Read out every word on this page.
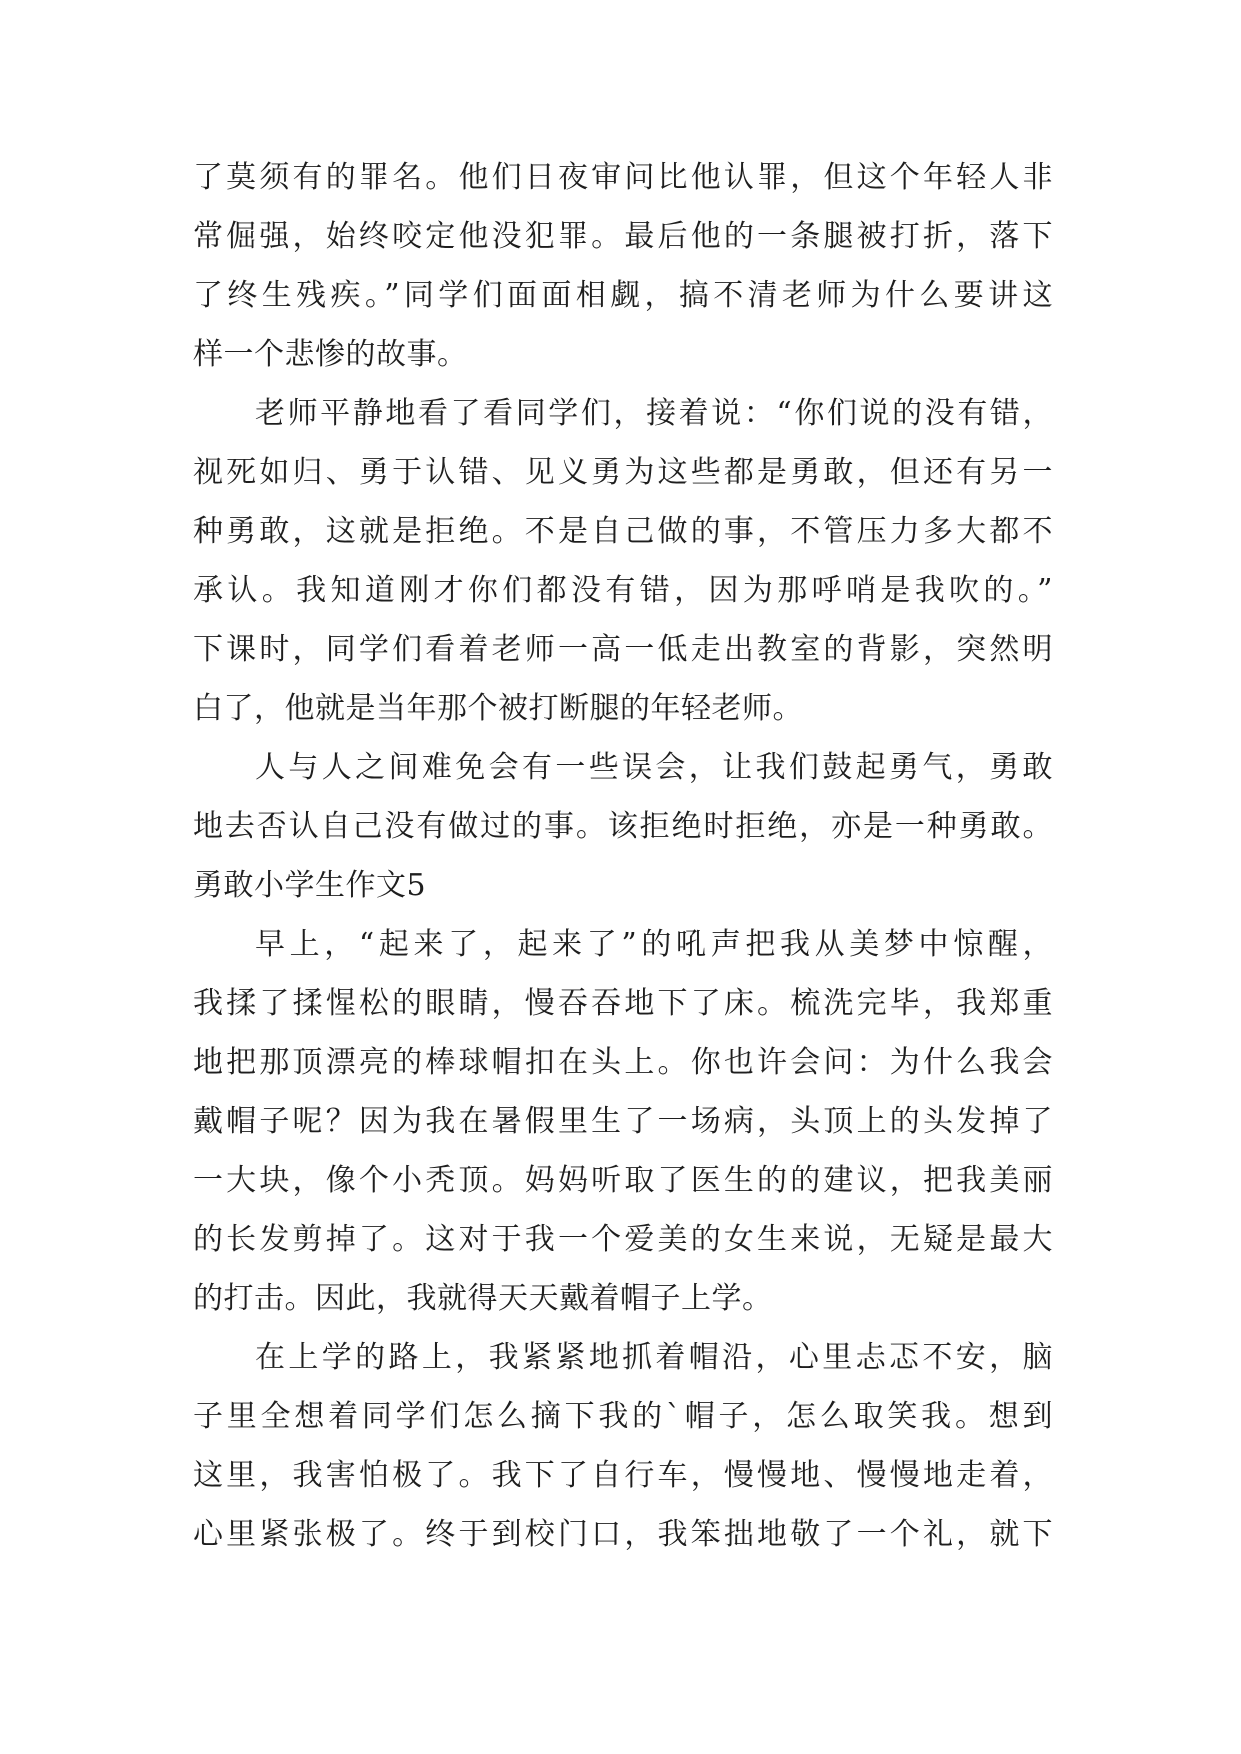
了莫须有的罪名。他们日夜审问比他认罪，但这个年轻人非
常倔强，始终咬定他没犯罪。最后他的一条腿被打折，落下
了终生残疾。”同学们面面相觑，搞不清老师为什么要讲这
样一个悲惨的故事。
老师平静地看了看同学们，接着说：“你们说的没有错，
视死如归、勇于认错、见义勇为这些都是勇敢，但还有另一
种勇敢，这就是拒绝。不是自己做的事，不管压力多大都不
承认。我知道刚才你们都没有错，因为那呼哨是我吹的。”
下课时，同学们看着老师一高一低走出教室的背影，突然明
白了，他就是当年那个被打断腿的年轻老师。
人与人之间难免会有一些误会，让我们鼓起勇气，勇敢
地去否认自己没有做过的事。该拒绝时拒绝，亦是一种勇敢。
勇敢小学生作文5
早上，“起来了，起来了”的吼声把我从美梦中惊醒，
我揉了揉惺松的眼睛，慢吞吞地下了床。梳洗完毕，我郑重
地把那顶漂亮的棒球帽扣在头上。你也许会问：为什么我会
戴帽子呢？因为我在暑假里生了一场病，头顶上的头发掉了
一大块，像个小秃顶。妈妈听取了医生的的建议，把我美丽
的长发剪掉了。这对于我一个爱美的女生来说，无疑是最大
的打击。因此，我就得天天戴着帽子上学。
在上学的路上，我紧紧地抓着帽沿，心里忐忑不安，脑
子里全想着同学们怎么摘下我的`帽子，怎么取笑我。想到
这里，我害怕极了。我下了自行车，慢慢地、慢慢地走着，
心里紧张极了。终于到校门口，我笨拙地敬了一个礼，就下
